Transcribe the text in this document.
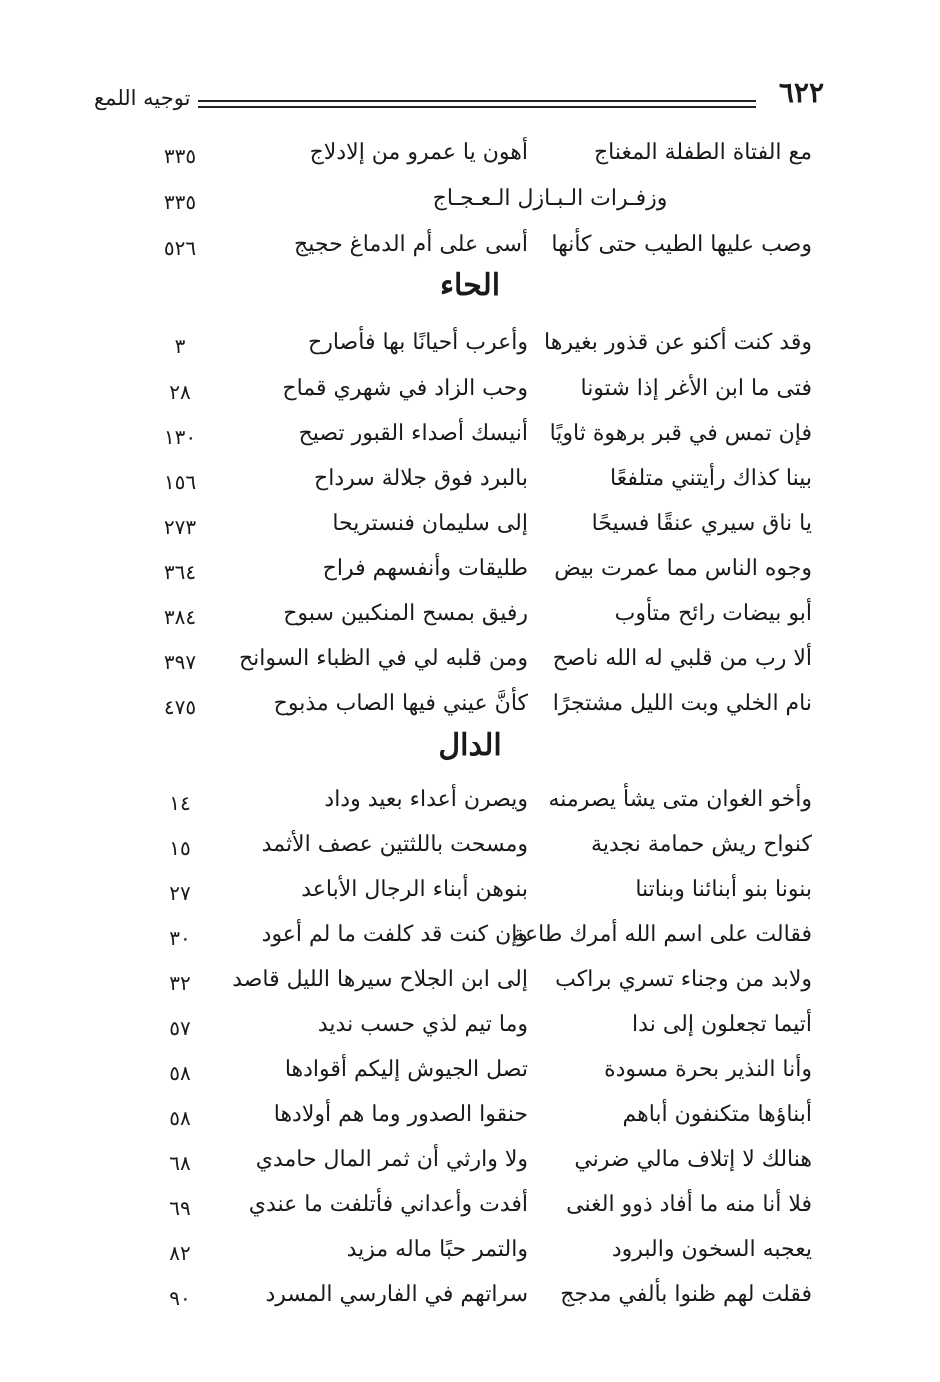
٦٢٢
توجيه اللمع
مع الفتاة الطفلة المغناج
أهون يا عمرو من إلادلاج
٣٣٥
وزفـرات الـبـازل الـعـجـاج
٣٣٥
وصب عليها الطيب حتى كأنها
أسى على أم الدماغ حجيج
٥٢٦
الحاء
وقد كنت أكنو عن قذور بغيرها
وأعرب أحيانًا بها فأصارح
٣
فتى ما ابن الأغر إذا شتونا
وحب الزاد في شهري قماح
٢٨
فإن تمس في قبر برهوة ثاويًا
أنيسك أصداء القبور تصيح
١٣٠
بينا كذاك رأيتني متلفعًا
بالبرد فوق جلالة سرداح
١٥٦
يا ناق سيري عنقًا فسيحًا
إلى سليمان فنستريحا
٢٧٣
وجوه الناس مما عمرت بيض
طليقات وأنفسهم فراح
٣٦٤
أبو بيضات رائح متأوب
رفيق بمسح المنكبين سبوح
٣٨٤
ألا رب من قلبي له الله ناصح
ومن قلبه لي في الظباء السوانح
٣٩٧
نام الخلي وبت الليل مشتجرًا
كأنَّ عيني فيها الصاب مذبوح
٤٧٥
الدال
وأخو الغوان متى يشأ يصرمنه
ويصرن أعداء بعيد وداد
١٤
كنواح ريش حمامة نجدية
ومسحت باللثتين عصف الأثمد
١٥
بنونا بنو أبنائنا وبناتنا
بنوهن أبناء الرجال الأباعد
٢٧
فقالت على اسم الله أمرك طاعة
وإن كنت قد كلفت ما لم أعود
٣٠
ولابد من وجناء تسري براكب
إلى ابن الجلاح سيرها الليل قاصد
٣٢
أتيما تجعلون إلى ندا
وما تيم لذي حسب نديد
٥٧
وأنا النذير بحرة مسودة
تصل الجيوش إليكم أقوادها
٥٨
أبناؤها متكنفون أباهم
حنقوا الصدور وما هم أولادها
٥٨
هنالك لا إتلاف مالي ضرني
ولا وارثي أن ثمر المال حامدي
٦٨
فلا أنا منه ما أفاد ذوو الغنى
أفدت وأعداني فأتلفت ما عندي
٦٩
يعجبه السخون والبرود
والتمر حبًا ماله مزيد
٨٢
فقلت لهم ظنوا بألفي مدجج
سراتهم في الفارسي المسرد
٩٠
